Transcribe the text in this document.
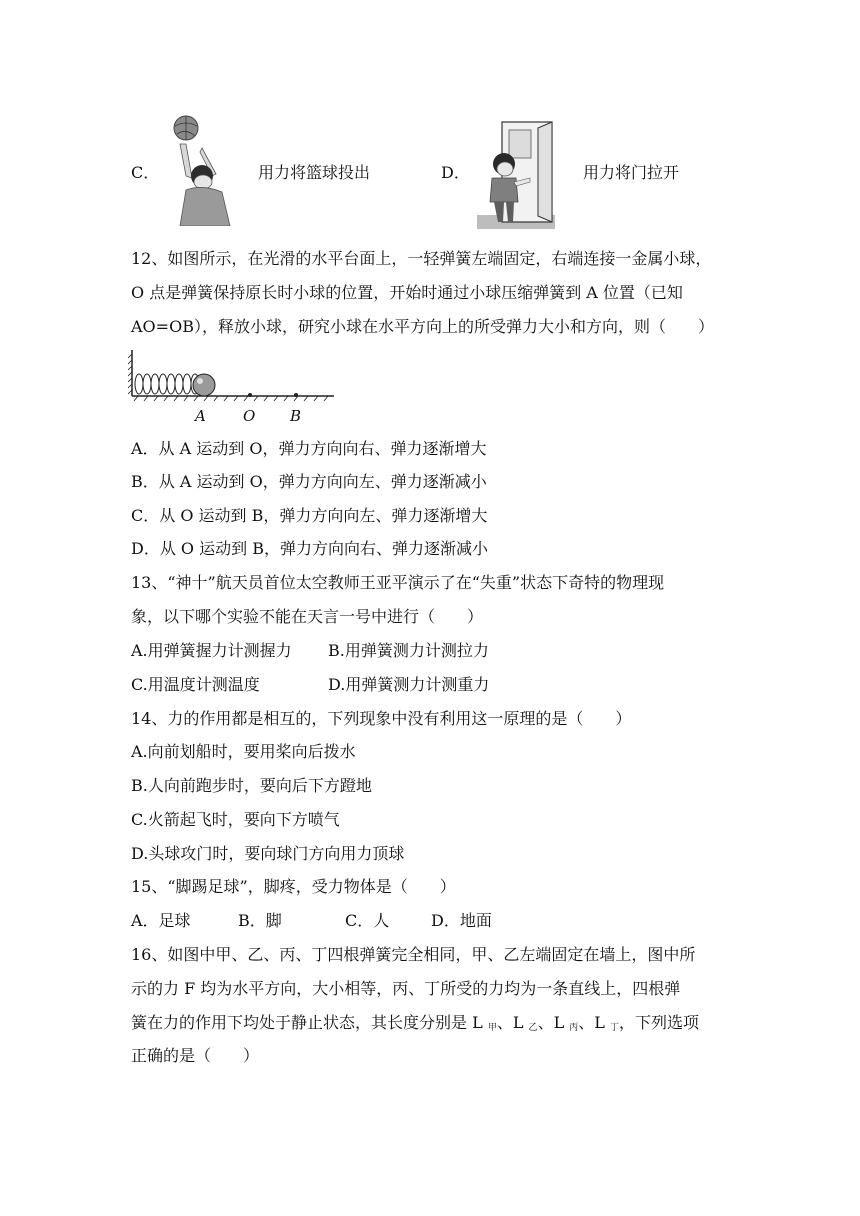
C．	用力将篮球投出	D．	用力将门拉开
12、如图所示，在光滑的水平台面上，一轻弹簧左端固定，右端连接一金属小球，
O 点是弹簧保持原长时小球的位置，开始时通过小球压缩弹簧到 A 位置（已知
AO=OB），释放小球，研究小球在水平方向上的所受弹力大小和方向，则（　　）
A O B
A．从 A 运动到 O，弹力方向向右、弹力逐渐增大
B．从 A 运动到 O，弹力方向向左、弹力逐渐减小
C．从 O 运动到 B，弹力方向向左、弹力逐渐增大
D．从 O 运动到 B，弹力方向向右、弹力逐渐减小
13、“神十”航天员首位太空教师王亚平演示了在“失重”状态下奇特的物理现
象，以下哪个实验不能在天言一号中进行（　　）
A.用弹簧握力计测握力 B.用弹簧测力计测拉力
C.用温度计测温度	D.用弹簧测力计测重力
14、力的作用都是相互的，下列现象中没有利用这一原理的是（　　）
A.向前划船时，要用桨向后拨水
B.人向前跑步时，要向后下方蹬地
C.火箭起飞时，要向下方喷气
D.头球攻门时，要向球门方向用力顶球
15、“脚踢足球”，脚疼，受力物体是（　　）
A．足球	B．脚	C．人	D．地面
16、如图中甲、乙、丙、丁四根弹簧完全相同，甲、乙左端固定在墙上，图中所
示的力 F 均为水平方向，大小相等，丙、丁所受的力均为一条直线上，四根弹
簧在力的作用下均处于静止状态，其长度分别是 L $_甲$、L $_乙$、L $_丙$、L $_丁$，下列选项
正确的是（　　）
